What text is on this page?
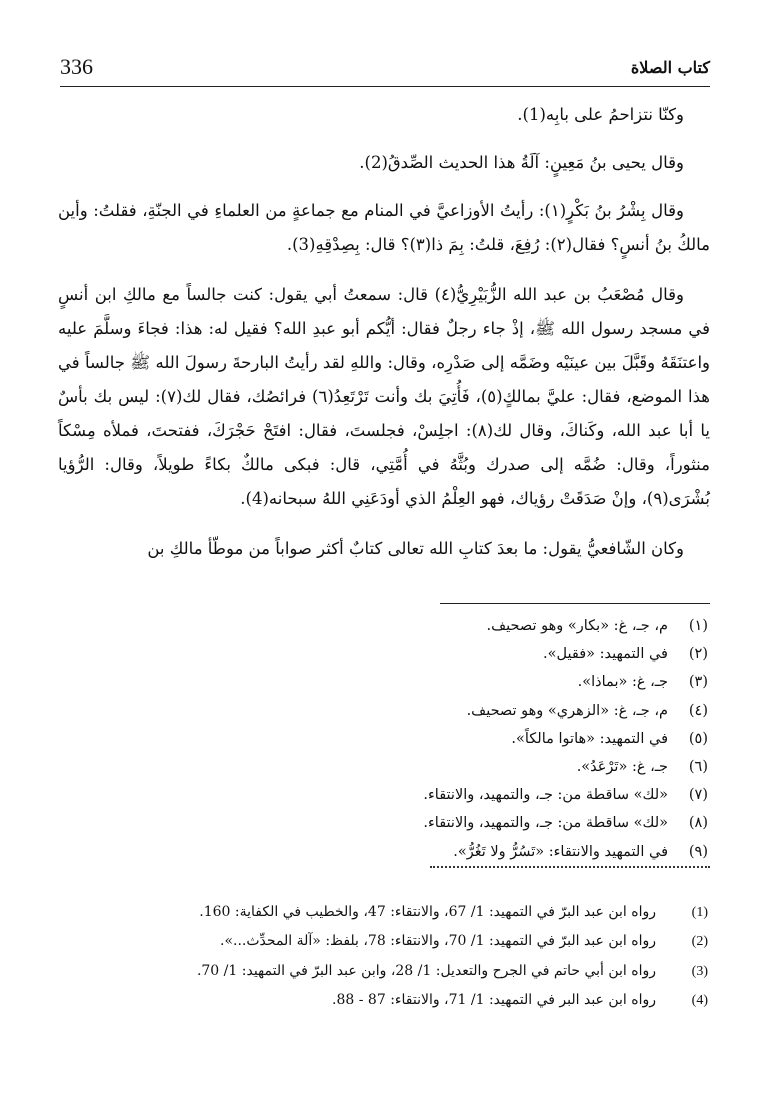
336	كتاب الصلاة

وكنّا نتزاحمُ على بابِه(1).

وقال يحيى بنُ مَعِينٍ: آلَةُ هذا الحديث الصِّدقُ(2).

وقال بِشْرُ بنُ بَكْرٍ(١): رأيتُ الأوزاعيَّ في المنام مع جماعةٍ من العلماءِ في الجنّةِ، فقلتُ: وأين مالكُ بنُ أنسٍ؟ فقال(٢): رُفِعَ، قلتُ: بِمَ ذا(٣)؟ قال: بِصِدْقِهِ(3).

وقال مُصْعَبُ بن عبد الله الزُّبَيْرِيُّ(٤) قال: سمعتُ أبي يقول: كنت جالساً مع مالكِ ابن أنسٍ في مسجد رسول الله ﷺ، إذْ جاء رجلٌ فقال: أيُّكم أبو عبدِ الله؟ فقيل له: هذا: فجاءَ وسلَّمَ عليه واعتنَقَهُ وقَبَّلَ بين عينَيْه وضَمَّه إلى صَدْرِه، وقال: واللهِ لقد رأيتُ البارحةَ رسولَ الله ﷺ جالساً في هذا الموضع، فقال: عليَّ بمالكٍ(٥)، فَأُتِيَ بك وأنت تَرْتَعِدُ(٦) فرائصُك، فقال لك(٧): ليس بك بأسٌ يا أبا عبد الله، وكَناكَ، وقال لك(٨): اجلِسْ، فجلستَ، فقال: افتَحْ حَجْرَكَ، ففتحتَ، فملأه مِسْكاً منثوراً، وقال: ضُمَّه إلى صدرك وبُثَّهُ في أُمَّتِي، قال: فبكى مالكٌ بكاءً طويلاً، وقال: الرُّؤيا بُشْرَى(٩)، وإنْ صَدَقَتْ رؤياك، فهو العِلْمُ الذي أودَعَنِي اللهُ سبحانه(4).

وكان الشّافعيُّ يقول: ما بعدَ كتابِ الله تعالى كتابٌ أكثر صواباً من موطّأ مالكِ بن

(١)
م، جـ، غ: «بكار» وهو تصحيف.
(٢)
في التمهيد: «فقيل».
(٣)
جـ، غ: «بماذا».
(٤)
م، جـ، غ: «الزهري» وهو تصحيف.
(٥)
في التمهيد: «هاتوا مالكاً».
(٦)
جـ، غ: «تَرْعَدُ».
(٧)
«لك» ساقطة من: جـ، والتمهيد، والانتقاء.
(٨)
«لك» ساقطة من: جـ، والتمهيد، والانتقاء.
(٩)
في التمهيد والانتقاء: «تَسُرُّ ولا تَغُرُّ».
(1)
رواه ابن عبد البرّ في التمهيد: 1/ 67، والانتقاء: 47، والخطيب في الكفاية: 160.
(2)
رواه ابن عبد البرّ في التمهيد: 1/ 70، والانتقاء: 78، بلفظ: «آلة المحدِّث...».
(3)
رواه ابن أبي حاتم في الجرح والتعديل: 1/ 28، وابن عبد البرّ في التمهيد: 1/ 70.
(4)
رواه ابن عبد البر في التمهيد: 1/ 71، والانتقاء: 87 - 88.
